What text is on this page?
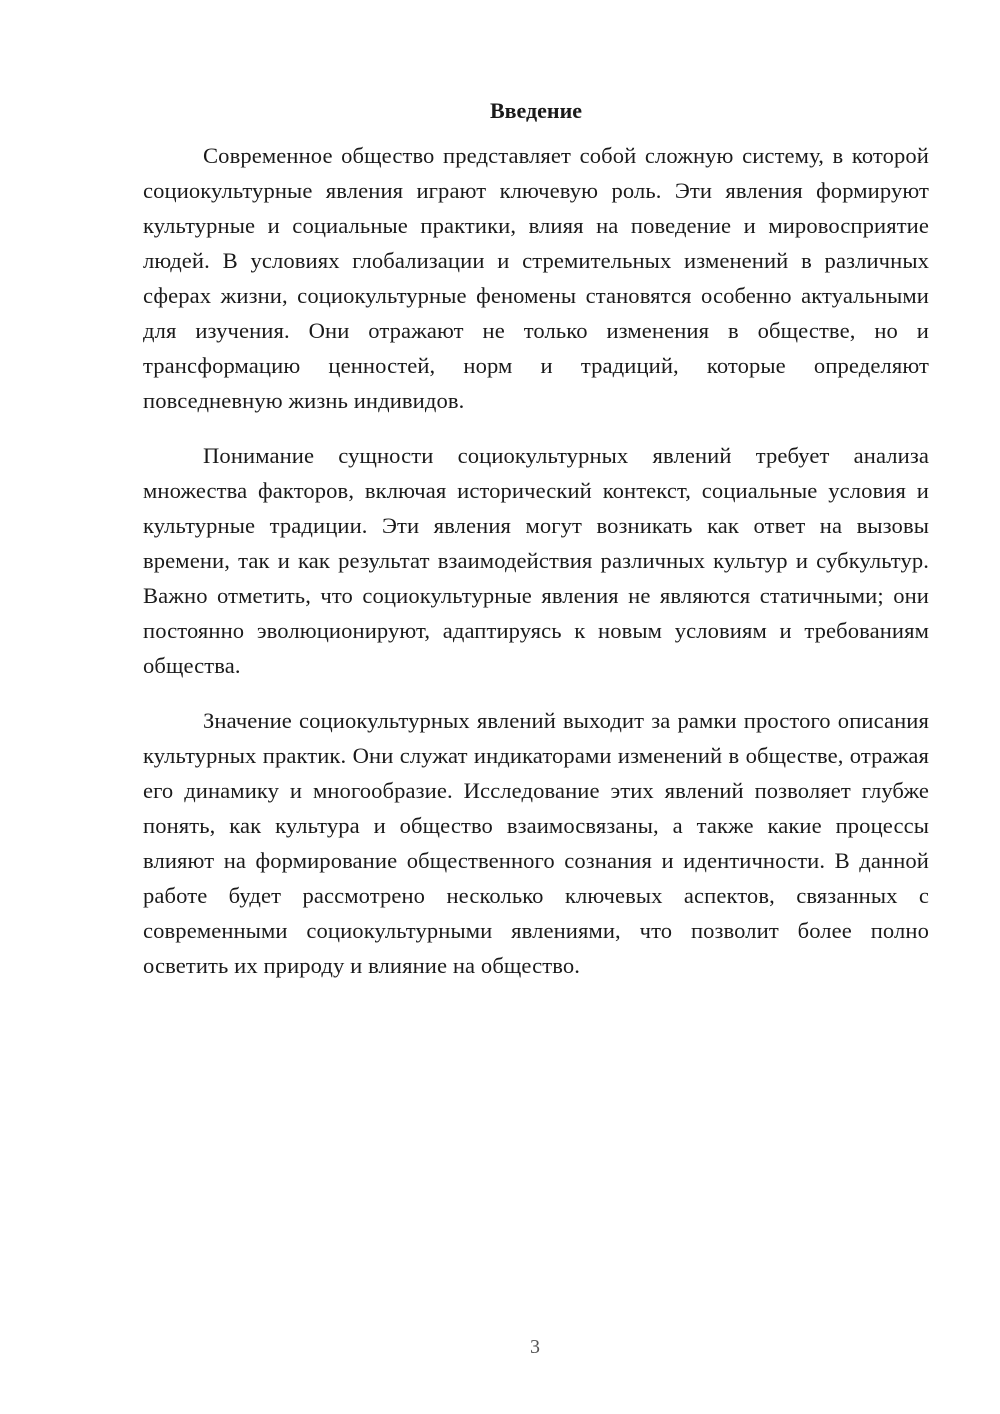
Введение

Современное общество представляет собой сложную систему, в которой социокультурные явления играют ключевую роль. Эти явления формируют культурные и социальные практики, влияя на поведение и мировосприятие людей. В условиях глобализации и стремительных изменений в различных сферах жизни, социокультурные феномены становятся особенно актуальными для изучения. Они отражают не только изменения в обществе, но и трансформацию ценностей, норм и традиций, которые определяют повседневную жизнь индивидов.

Понимание сущности социокультурных явлений требует анализа множества факторов, включая исторический контекст, социальные условия и культурные традиции. Эти явления могут возникать как ответ на вызовы времени, так и как результат взаимодействия различных культур и субкультур. Важно отметить, что социокультурные явления не являются статичными; они постоянно эволюционируют, адаптируясь к новым условиям и требованиям общества.

Значение социокультурных явлений выходит за рамки простого описания культурных практик. Они служат индикаторами изменений в обществе, отражая его динамику и многообразие. Исследование этих явлений позволяет глубже понять, как культура и общество взаимосвязаны, а также какие процессы влияют на формирование общественного сознания и идентичности. В данной работе будет рассмотрено несколько ключевых аспектов, связанных с современными социокультурными явлениями, что позволит более полно осветить их природу и влияние на общество.

3
